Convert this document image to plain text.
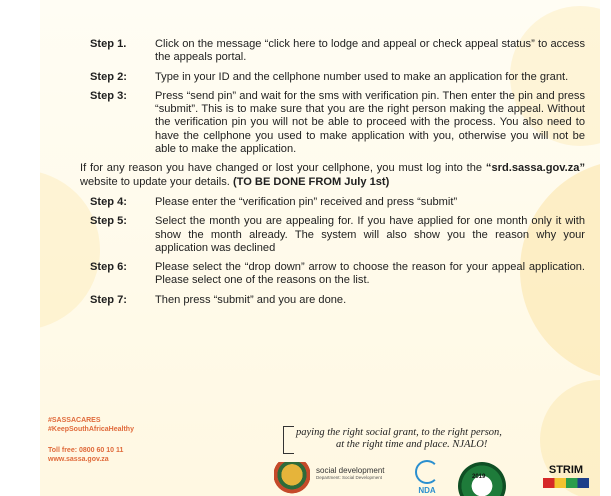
Step 1.	Click on the message “click here to lodge and appeal or check appeal status” to access the appeals portal.
Step 2:	Type in your ID and the cellphone number used to make an application for the grant.
Step 3:	Press “send pin” and wait for the sms with verification pin. Then enter the pin and press “submit”. This is to make sure that you are the right person making the appeal. Without the verification pin you will not be able to proceed with the process. You also need to have the cellphone you used to make application with you, otherwise you will not be able to make the application.
If for any reason you have changed or lost your cellphone, you must log into the “srd.sassa.gov.za” website to update your details. (TO BE DONE FROM July 1st)
Step 4:	Please enter the “verification pin” received and press “submit”
Step 5:	Select the month you are appealing for. If you have applied for one month only it with show the month already. The system will also show you the reason why your application was declined
Step 6:	Please select the “drop down” arrow to choose the reason for your appeal application. Please select one of the reasons on the list.
Step 7:	Then press “submit” and you are done.
#SASSACARES
#KeepSouthAfricaHealthy
Toll free: 0800 60 10 11
www.sassa.gov.za
paying the right social grant, to the right person,
at the right time and place. NJALO!
social development
Department: Social Development
NDA
2019
STRIM
